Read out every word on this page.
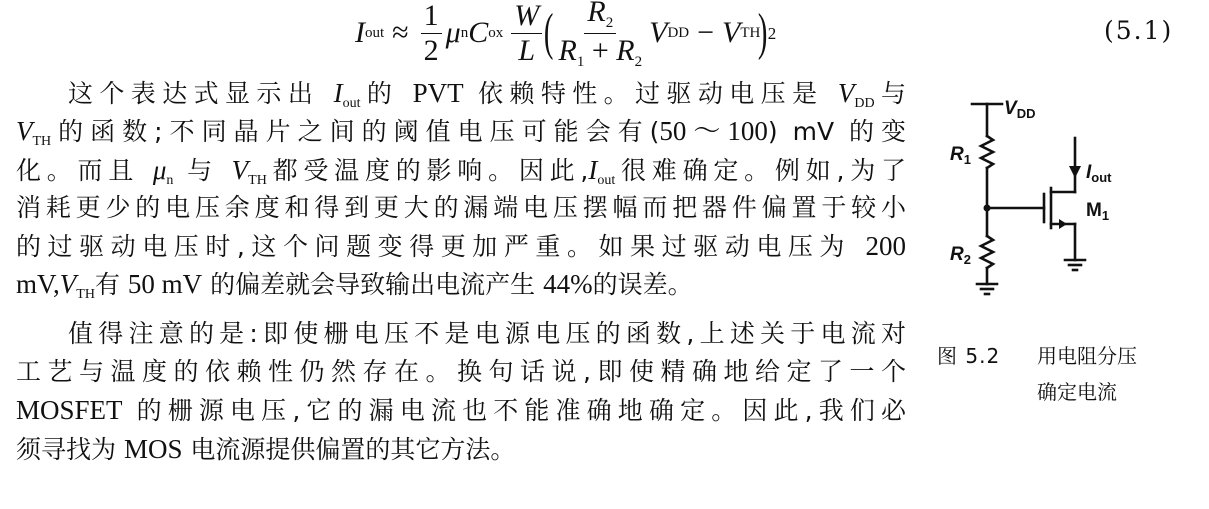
I out ≈ $\frac{1}{2}$ μ n C ox $\frac{W}{L}$ ( $\frac{R_2}{R_1 + R_2}$ V DD − V TH
) 2	(5.1)
这个表达式显示出 $I_{out}$的 PVT 依赖特性。过驱动电压是 $V_{DD}$与
$V_{TH}$的函数;不同晶片之间的阈值电压可能会有(50～100) mV 的变
化。而且 $\mu_n$ 与 $V_{TH}$都受温度的影响。因此$,I_{out}$很难确定。例如,为了
消耗更少的电压余度和得到更大的漏端电压摆幅而把器件偏置于较小
的过驱动电压时,这个问题变得更加严重。如果过驱动电压为 200
$mV,V_{TH}$有 50 mV 的偏差就会导致输出电流产生 44%的误差。
值得注意的是:即使栅电压不是电源电压的函数,上述关于电流对
工艺与温度的依赖性仍然存在。换句话说,即使精确地给定了一个
MOSFET 的栅源电压,它的漏电流也不能准确地确定。因此,我们必
须寻找为 MOS 电流源提供偏置的其它方法。
$V_{DD}$
$R_1$
$R_2$
$I_{out}$
$M_1$
图 5.2 用电阻分压
确定电流
